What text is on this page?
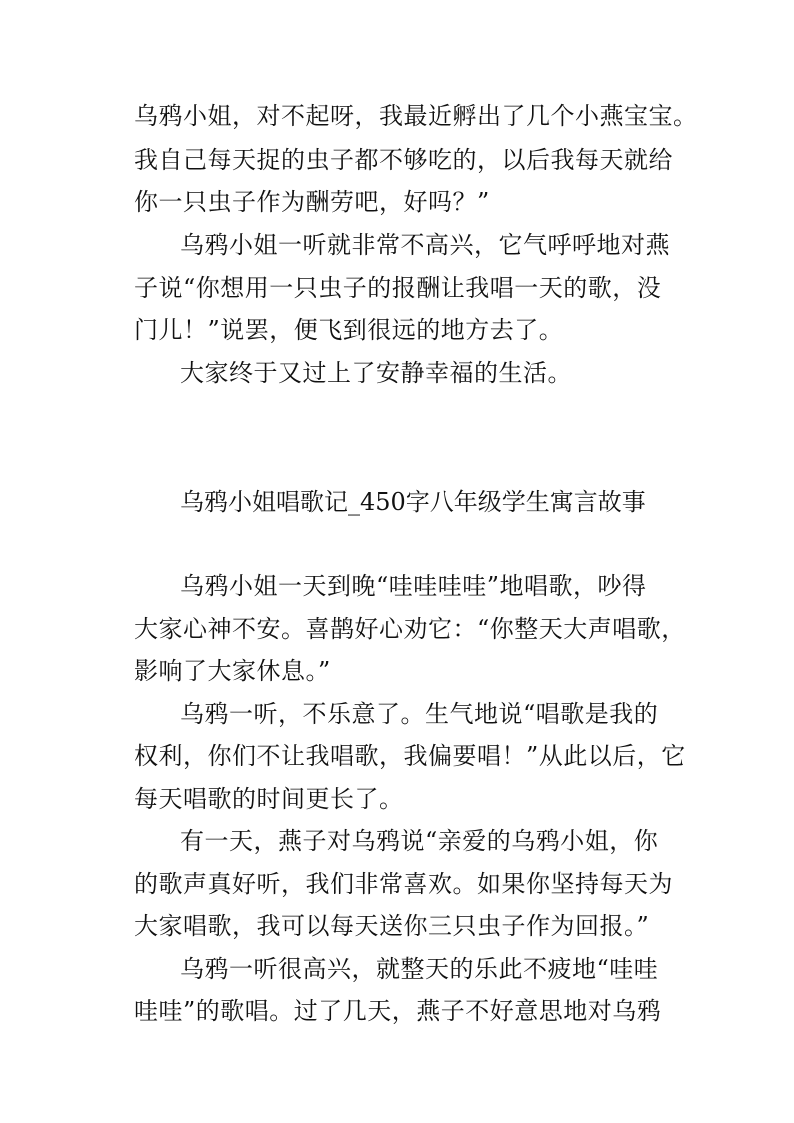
乌鸦小姐，对不起呀，我最近孵出了几个小燕宝宝。
我自己每天捉的虫子都不够吃的，以后我每天就给
你一只虫子作为酬劳吧，好吗？”
乌鸦小姐一听就非常不高兴，它气呼呼地对燕
子说“你想用一只虫子的报酬让我唱一天的歌，没
门儿！”说罢，便飞到很远的地方去了。
大家终于又过上了安静幸福的生活。
乌鸦小姐唱歌记_450字八年级学生寓言故事
乌鸦小姐一天到晚“哇哇哇哇”地唱歌，吵得
大家心神不安。喜鹊好心劝它：“你整天大声唱歌，
影响了大家休息。”
乌鸦一听，不乐意了。生气地说“唱歌是我的
权利，你们不让我唱歌，我偏要唱！”从此以后，它
每天唱歌的时间更长了。
有一天，燕子对乌鸦说“亲爱的乌鸦小姐，你
的歌声真好听，我们非常喜欢。如果你坚持每天为
大家唱歌，我可以每天送你三只虫子作为回报。”
乌鸦一听很高兴，就整天的乐此不疲地“哇哇
哇哇”的歌唱。过了几天，燕子不好意思地对乌鸦
